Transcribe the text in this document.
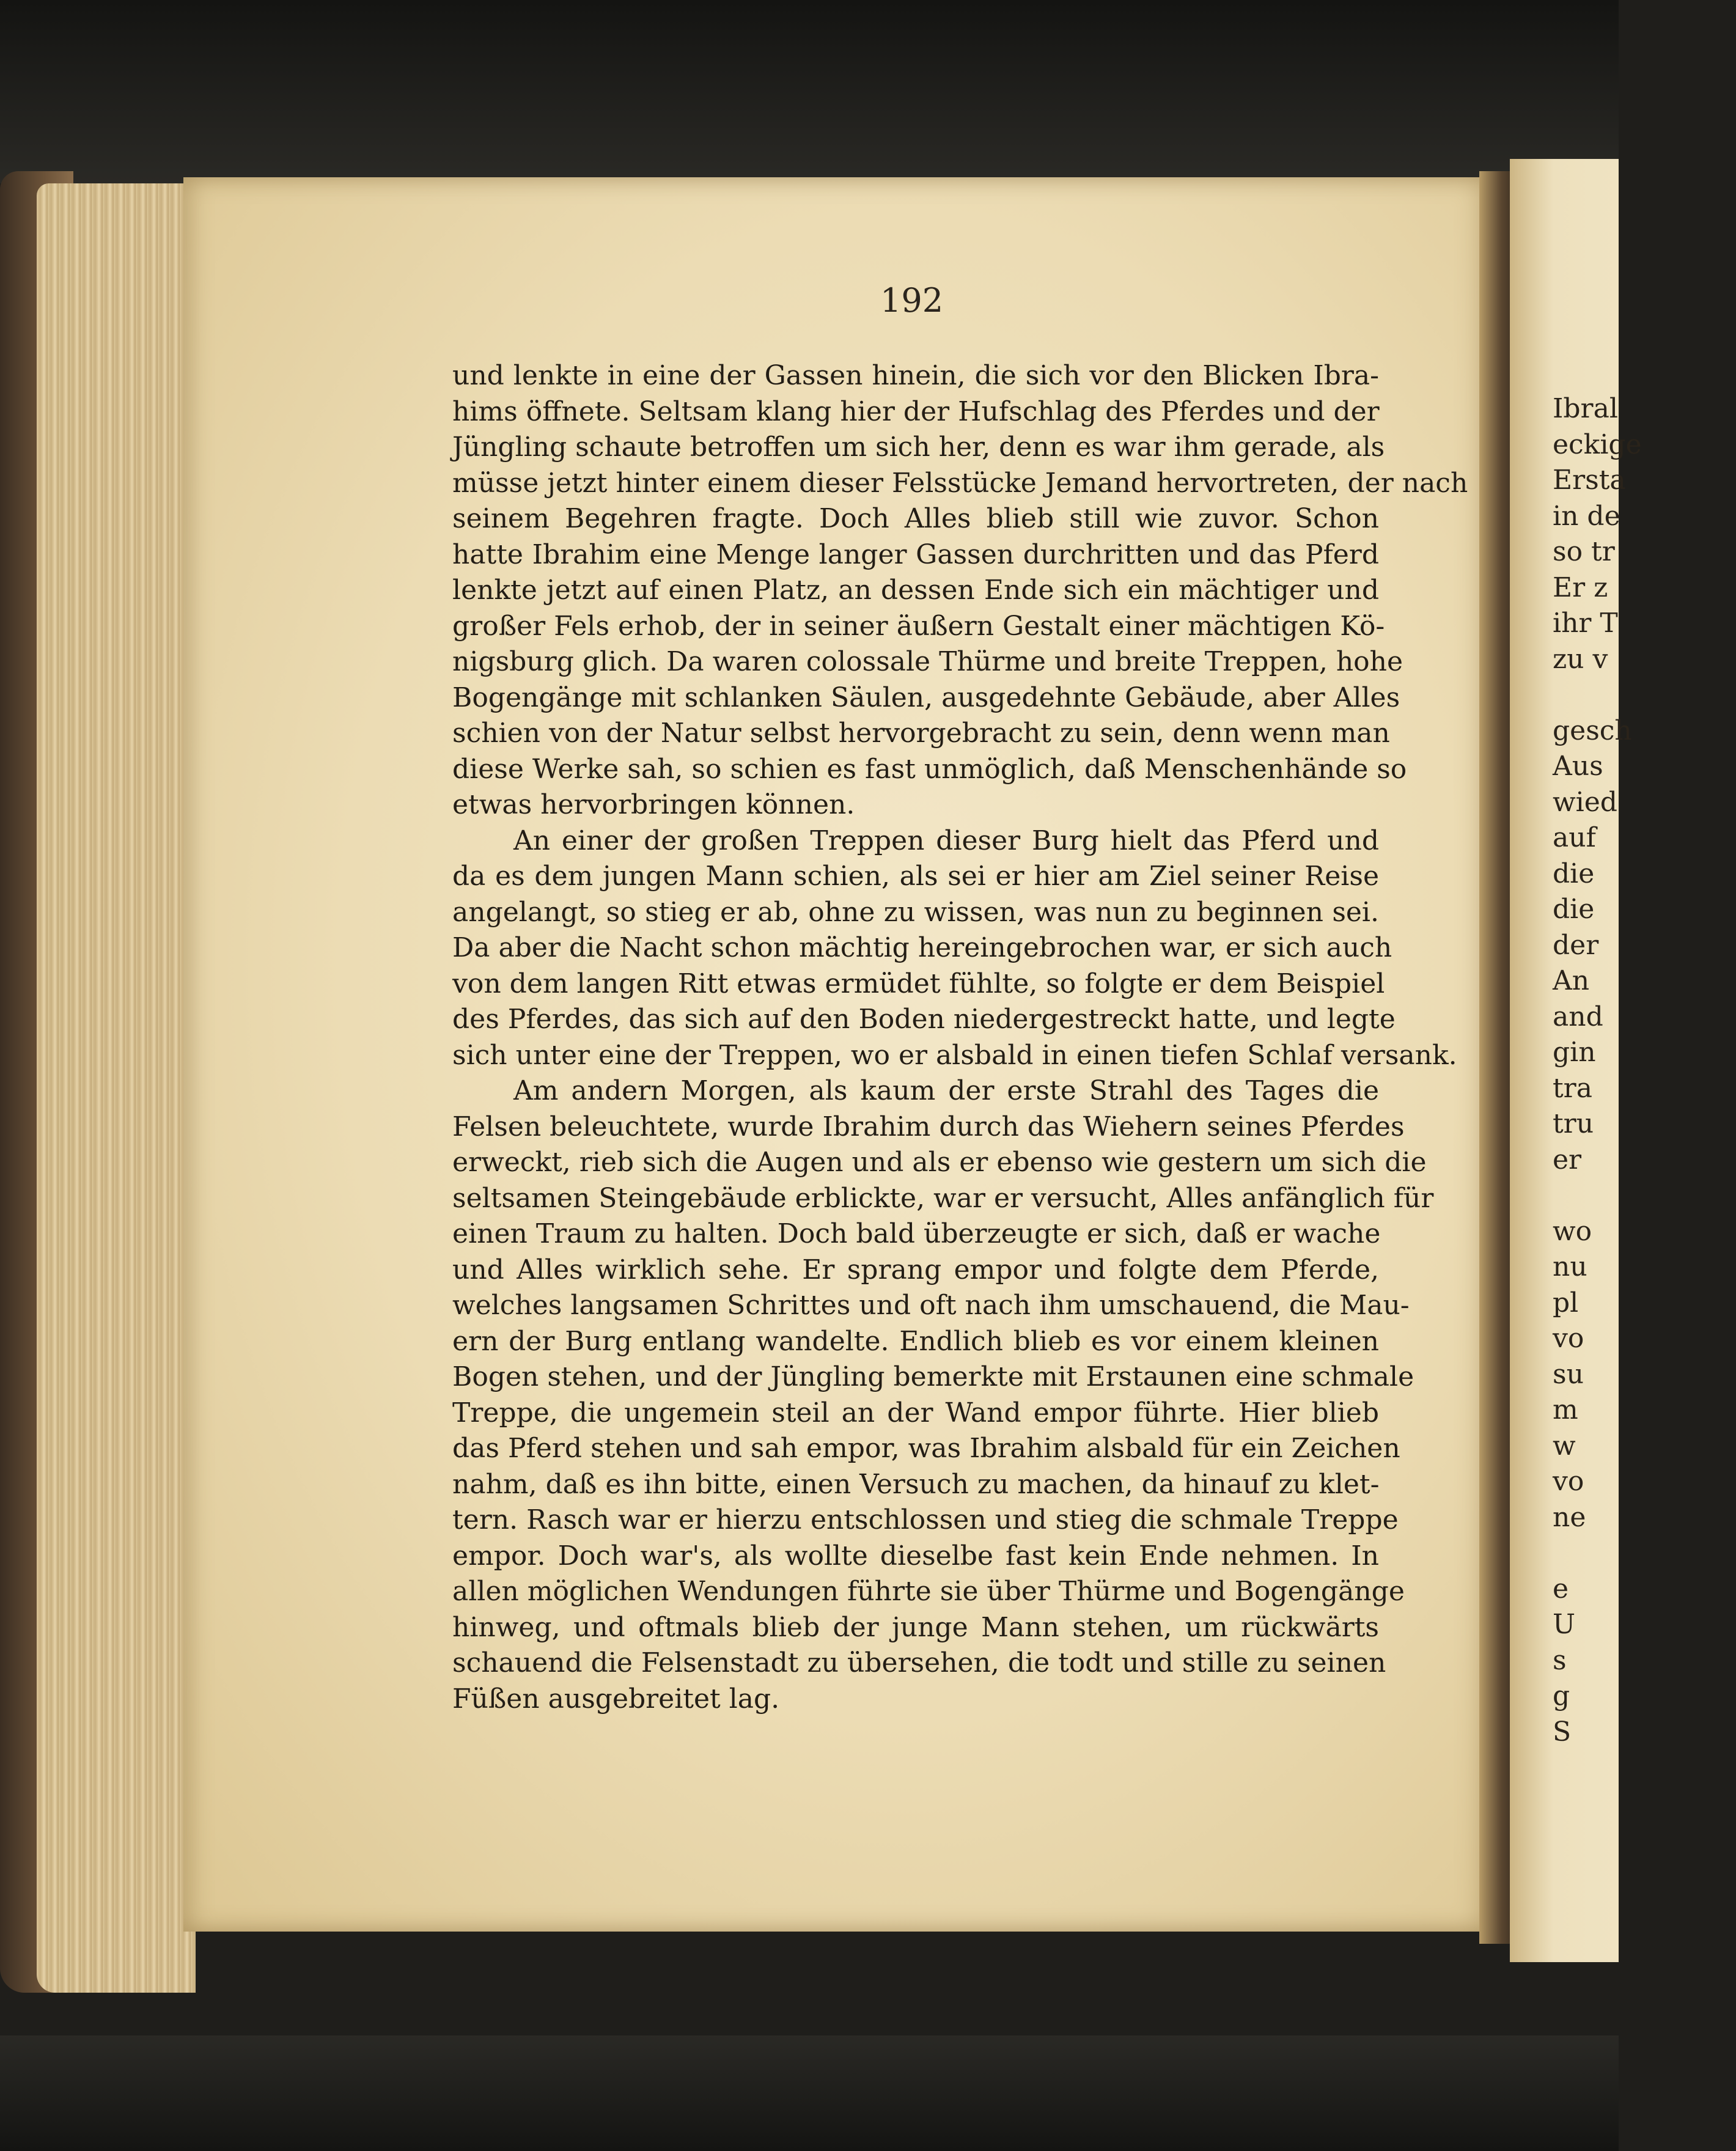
Ibral
eckige
Ersta
in de
so tr
Er z
ihr T
zu v

gesch
Aus
wied
auf
die
die
der
An
and
gin
tra
tru
er

wo
nu
pl
vo
su
m
w
vo
ne

e
U
s
g
S
192
und lenkte in eine der Gassen hinein, die sich vor den Blicken Ibra-
hims öffnete. Seltsam klang hier der Hufschlag des Pferdes und der
Jüngling schaute betroffen um sich her, denn es war ihm gerade, als
müsse jetzt hinter einem dieser Felsstücke Jemand hervortreten, der nach
seinem Begehren fragte. Doch Alles blieb still wie zuvor. Schon
hatte Ibrahim eine Menge langer Gassen durchritten und das Pferd
lenkte jetzt auf einen Platz, an dessen Ende sich ein mächtiger und
großer Fels erhob, der in seiner äußern Gestalt einer mächtigen Kö-
nigsburg glich. Da waren colossale Thürme und breite Treppen, hohe
Bogengänge mit schlanken Säulen, ausgedehnte Gebäude, aber Alles
schien von der Natur selbst hervorgebracht zu sein, denn wenn man
diese Werke sah, so schien es fast unmöglich, daß Menschenhände so
etwas hervorbringen können.
An einer der großen Treppen dieser Burg hielt das Pferd und
da es dem jungen Mann schien, als sei er hier am Ziel seiner Reise
angelangt, so stieg er ab, ohne zu wissen, was nun zu beginnen sei.
Da aber die Nacht schon mächtig hereingebrochen war, er sich auch
von dem langen Ritt etwas ermüdet fühlte, so folgte er dem Beispiel
des Pferdes, das sich auf den Boden niedergestreckt hatte, und legte
sich unter eine der Treppen, wo er alsbald in einen tiefen Schlaf versank.
Am andern Morgen, als kaum der erste Strahl des Tages die
Felsen beleuchtete, wurde Ibrahim durch das Wiehern seines Pferdes
erweckt, rieb sich die Augen und als er ebenso wie gestern um sich die
seltsamen Steingebäude erblickte, war er versucht, Alles anfänglich für
einen Traum zu halten. Doch bald überzeugte er sich, daß er wache
und Alles wirklich sehe. Er sprang empor und folgte dem Pferde,
welches langsamen Schrittes und oft nach ihm umschauend, die Mau-
ern der Burg entlang wandelte. Endlich blieb es vor einem kleinen
Bogen stehen, und der Jüngling bemerkte mit Erstaunen eine schmale
Treppe, die ungemein steil an der Wand empor führte. Hier blieb
das Pferd stehen und sah empor, was Ibrahim alsbald für ein Zeichen
nahm, daß es ihn bitte, einen Versuch zu machen, da hinauf zu klet-
tern. Rasch war er hierzu entschlossen und stieg die schmale Treppe
empor. Doch war's, als wollte dieselbe fast kein Ende nehmen. In
allen möglichen Wendungen führte sie über Thürme und Bogengänge
hinweg, und oftmals blieb der junge Mann stehen, um rückwärts
schauend die Felsenstadt zu übersehen, die todt und stille zu seinen
Füßen ausgebreitet lag.
